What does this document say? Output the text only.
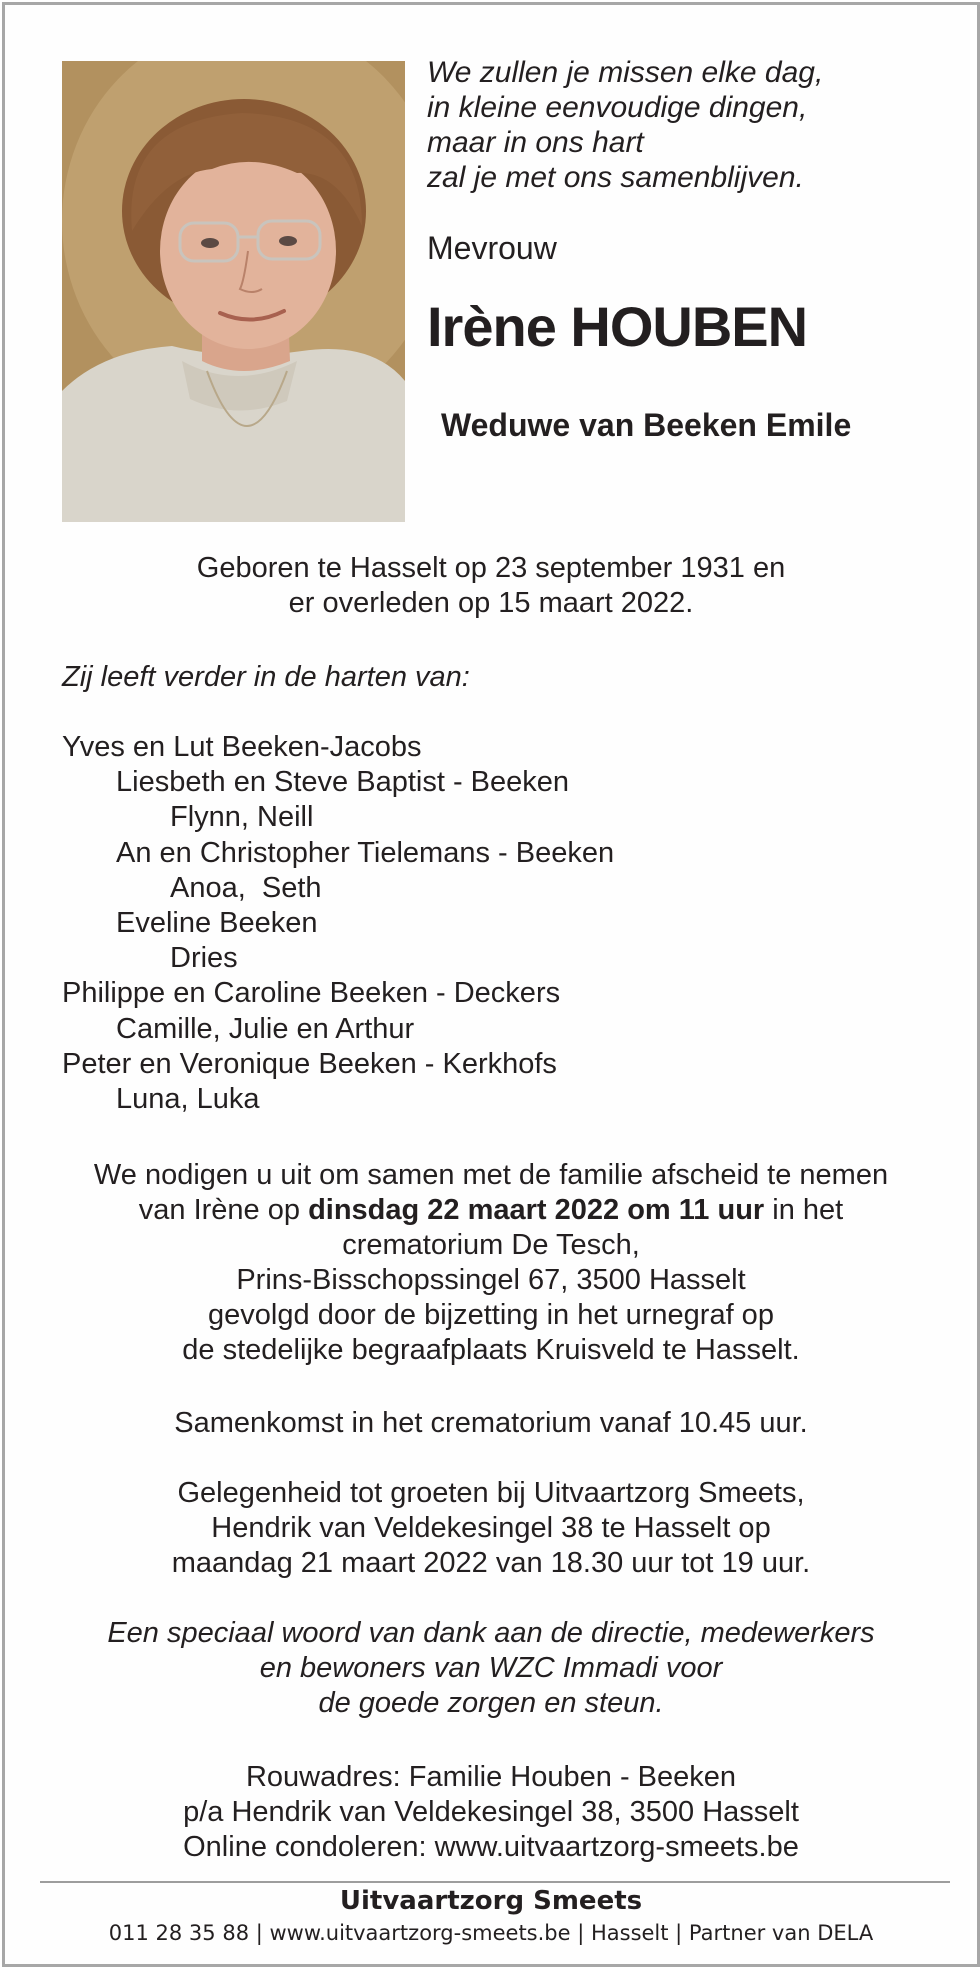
We zullen je missen elke dag,
in kleine eenvoudige dingen,
maar in ons hart
zal je met ons samenblijven.
Mevrouw
Irène HOUBEN
Weduwe van Beeken Emile
Geboren te Hasselt op 23 september 1931 en
er overleden op 15 maart 2022.
Zij leeft verder in de harten van:
Yves en Lut Beeken-Jacobs
Liesbeth en Steve Baptist - Beeken
Flynn, Neill
An en Christopher Tielemans - Beeken
Anoa,  Seth
Eveline Beeken
Dries
Philippe en Caroline Beeken - Deckers
Camille, Julie en Arthur
Peter en Veronique Beeken - Kerkhofs
Luna, Luka
We nodigen u uit om samen met de familie afscheid te nemen
van Irène op dinsdag 22 maart 2022 om 11 uur in het
crematorium De Tesch,
Prins-Bisschopssingel 67, 3500 Hasselt
gevolgd door de bijzetting in het urnegraf op
de stedelijke begraafplaats Kruisveld te Hasselt.
Samenkomst in het crematorium vanaf 10.45 uur.
Gelegenheid tot groeten bij Uitvaartzorg Smeets,
Hendrik van Veldekesingel 38 te Hasselt op
maandag 21 maart 2022 van 18.30 uur tot 19 uur.
Een speciaal woord van dank aan de directie, medewerkers
en bewoners van WZC Immadi voor
de goede zorgen en steun.
Rouwadres: Familie Houben - Beeken
p/a Hendrik van Veldekesingel 38, 3500 Hasselt
Online condoleren: www.uitvaartzorg-smeets.be
Uitvaartzorg Smeets
011 28 35 88 | www.uitvaartzorg-smeets.be | Hasselt | Partner van DELA
